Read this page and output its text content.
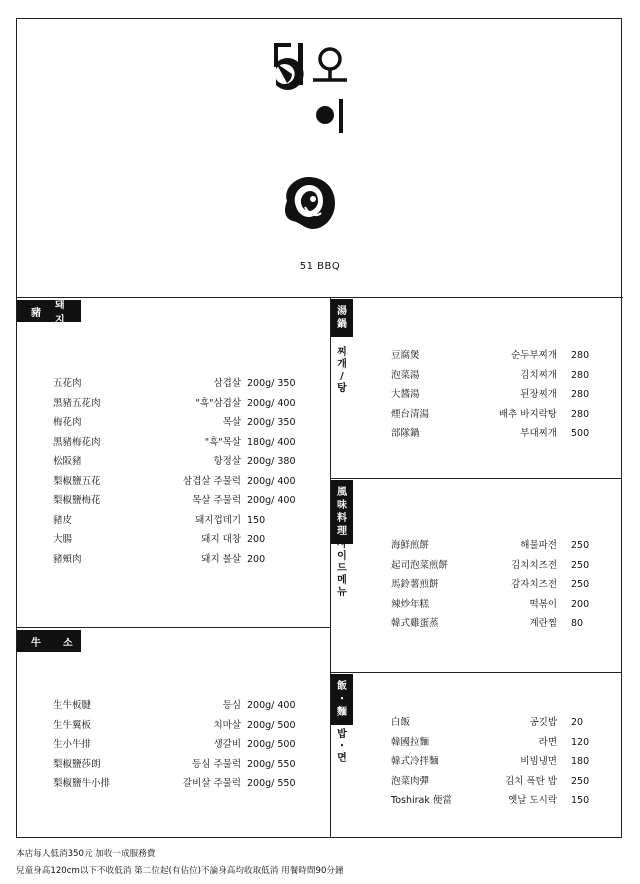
51 BBQ
豬
돼지
五花肉	삼겹살 200g/ 350
黑豬五花肉	"흑"삼겹살 200g/ 400
梅花肉	목살 200g/ 350
黑豬梅花肉	"흑"목살 180g/ 400
松阪豬	항정살 200g/ 380
梨椒鹽五花	삼겹살 주물럭 200g/ 400
梨椒鹽梅花	목살 주물럭 200g/ 400
豬皮	돼지껍데기 150
大腸	돼지 대창 200
豬頰肉	돼지 볼살 200
牛 소
生牛板腱	등심 200g/ 400
生牛翼板	치마살 200g/ 500
生小牛排	생갈비 200g/ 500
梨椒鹽莎朗	등심 주물럭 200g/ 550
梨椒鹽牛小排	갈비살 주물럭 200g/ 550
湯
鍋
찌
개
/
탕
豆腐煲	순두부찌개 280
泡菜湯	김치찌개 280
大醬湯	된장찌개 280
煙台清湯	배추 바지락탕 280
部隊鍋	부대찌개 500
風
味
料
理
사
이
드
메
뉴
海鮮煎餅	해물파전 250
起司泡菜煎餅	김치치즈전 250
馬鈴薯煎餅	감자치즈전 250
辣炒年糕	떡볶이 200
韓式雞蛋蒸	계란찜 80
飯
・
麵
밥
・
면
白飯	공깃밥 20
韓國拉麵	라면 120
韓式冷拌麵	비빔냉면 180
泡菜肉彈	김치 폭탄 밥 250
Toshirak 便當	옛날 도시락 150
本店每人低消350元 加收一成服務費
兒童身高120cm以下不收低消 第二位起(有佔位)不論身高均收取低消 用餐時間90分鐘
